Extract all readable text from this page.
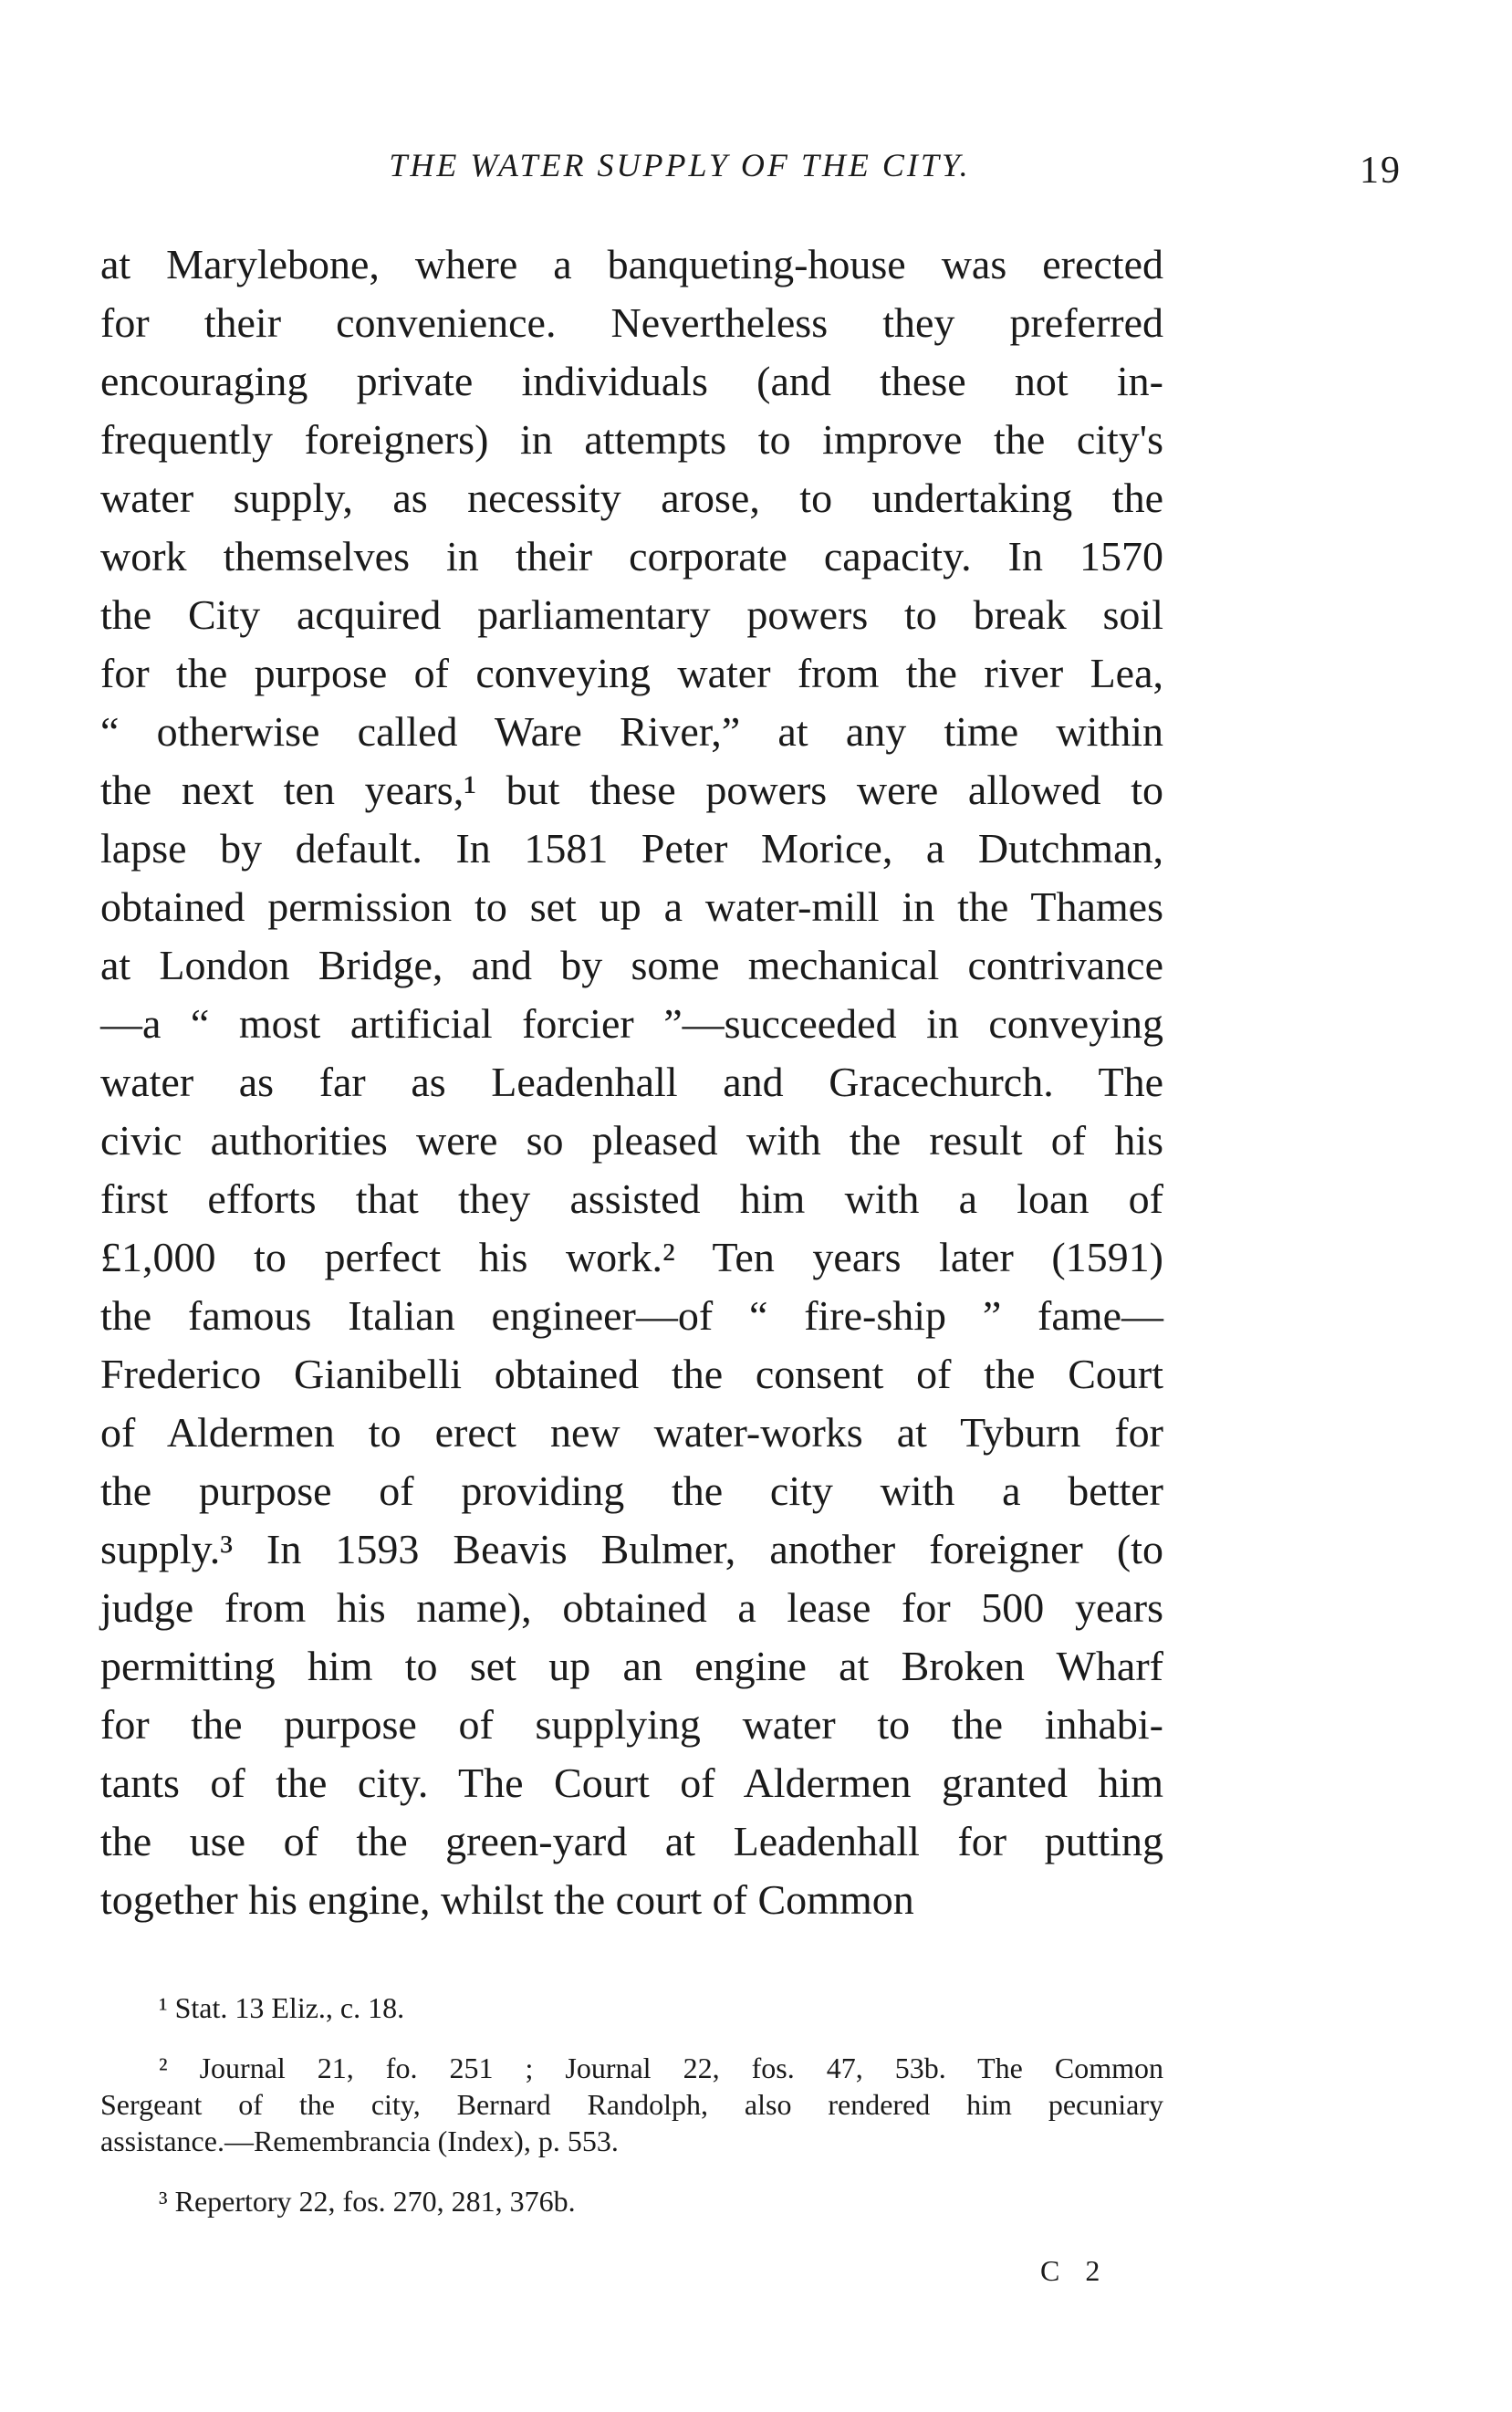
THE WATER SUPPLY OF THE CITY.	19
at Marylebone, where a banqueting-house was erected
for their convenience. Nevertheless they preferred
encouraging private individuals (and these not in-
frequently foreigners) in attempts to improve the city's
water supply, as necessity arose, to undertaking the
work themselves in their corporate capacity. In 1570
the City acquired parliamentary powers to break soil
for the purpose of conveying water from the river Lea,
“ otherwise called Ware River,” at any time within
the next ten years,¹ but these powers were allowed to
lapse by default. In 1581 Peter Morice, a Dutchman,
obtained permission to set up a water-mill in the Thames
at London Bridge, and by some mechanical contrivance
—a “ most artificial forcier ”—succeeded in conveying
water as far as Leadenhall and Gracechurch. The
civic authorities were so pleased with the result of his
first efforts that they assisted him with a loan of
£1,000 to perfect his work.² Ten years later (1591)
the famous Italian engineer—of “ fire-ship ” fame—
Frederico Gianibelli obtained the consent of the Court
of Aldermen to erect new water-works at Tyburn for
the purpose of providing the city with a better
supply.³ In 1593 Beavis Bulmer, another foreigner (to
judge from his name), obtained a lease for 500 years
permitting him to set up an engine at Broken Wharf
for the purpose of supplying water to the inhabi-
tants of the city. The Court of Aldermen granted him
the use of the green-yard at Leadenhall for putting
together his engine, whilst the court of Common
¹ Stat. 13 Eliz., c. 18.
² Journal 21, fo. 251 ; Journal 22, fos. 47, 53b. The Common
Sergeant of the city, Bernard Randolph, also rendered him pecuniary
assistance.—Remembrancia (Index), p. 553.
³ Repertory 22, fos. 270, 281, 376b.
C 2
